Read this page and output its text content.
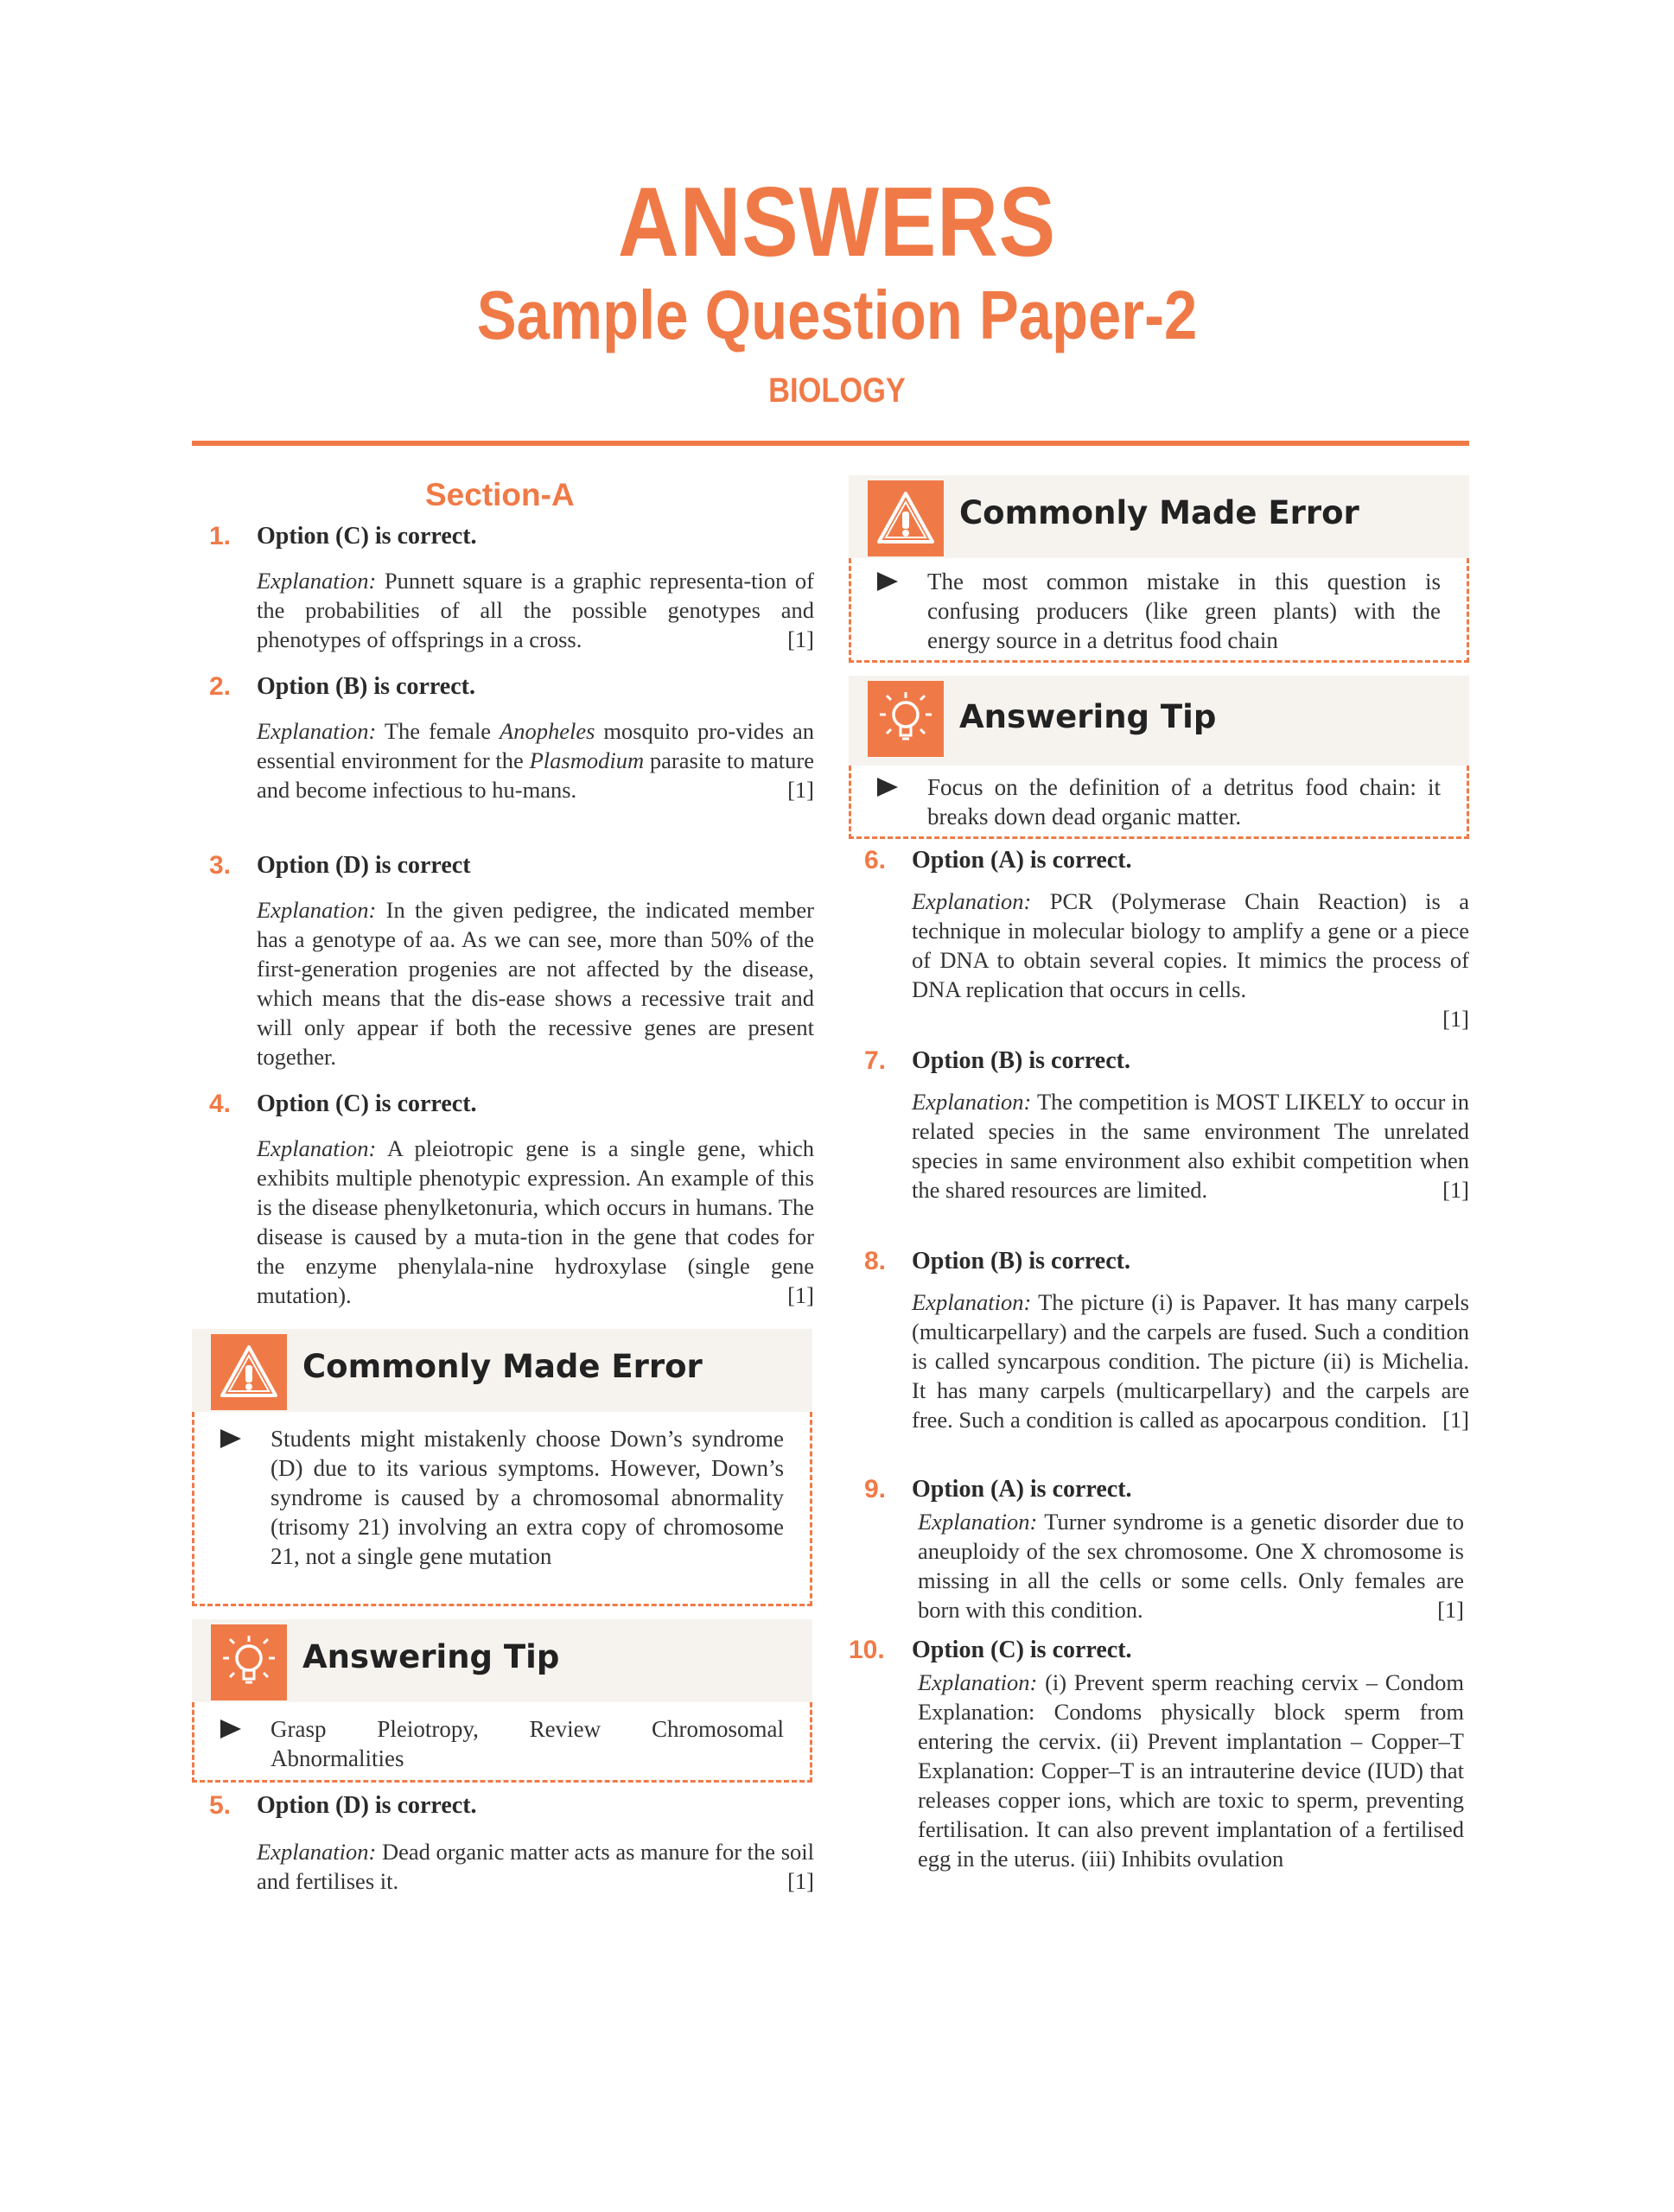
ANSWERS
Sample Question Paper-2
BIOLOGY
Section-A
1. Option (C) is correct.
Explanation: Punnett square is a graphic representa-tion of the probabilities of all the possible genotypes and phenotypes of offsprings in a cross.	[1]
2. Option (B) is correct.
Explanation: The female Anopheles mosquito pro-vides an essential environment for the Plasmodium parasite to mature and become infectious to hu-mans.	[1]
3. Option (D) is correct
Explanation: In the given pedigree, the indicated member has a genotype of aa. As we can see, more than 50% of the first-generation progenies are not affected by the disease, which means that the dis-ease shows a recessive trait and will only appear if both the recessive genes are present together.
4. Option (C) is correct.
Explanation: A pleiotropic gene is a single gene, which exhibits multiple phenotypic expression. An example of this is the disease phenylketonuria, which occurs in humans. The disease is caused by a muta-tion in the gene that codes for the enzyme phenylala-nine hydroxylase (single gene mutation).	[1]
Commonly Made Error
Students might mistakenly choose Down’s syndrome (D) due to its various symptoms. However, Down’s syndrome is caused by a chromosomal abnormality (trisomy 21) involving an extra copy of chromosome 21, not a single gene mutation
Answering Tip
Grasp Pleiotropy, Review Chromosomal Abnormalities
5. Option (D) is correct.
Explanation: Dead organic matter acts as manure for the soil and fertilises it.	[1]
Commonly Made Error
The most common mistake in this question is confusing producers (like green plants) with the energy source in a detritus food chain
Answering Tip
Focus on the definition of a detritus food chain: it breaks down dead organic matter.
6. Option (A) is correct.
Explanation: PCR (Polymerase Chain Reaction) is a technique in molecular biology to amplify a gene or a piece of DNA to obtain several copies. It mimics the process of DNA replication that occurs in cells.

[1]
7. Option (B) is correct.
Explanation: The competition is MOST LIKELY to occur in related species in the same environment The unrelated species in same environment also exhibit competition when the shared resources are limited.	[1]
8. Option (B) is correct.
Explanation: The picture (i) is Papaver. It has many carpels (multicarpellary) and the carpels are fused. Such a condition is called syncarpous condition. The picture (ii) is Michelia. It has many carpels (multicarpellary) and the carpels are free. Such a condition is called as apocarpous condition. [1]
9. Option (A) is correct.
Explanation: Turner syndrome is a genetic disorder due to aneuploidy of the sex chromosome. One X chromosome is missing in all the cells or some cells. Only females are born with this condition.	[1]
10. Option (C) is correct.
Explanation: (i) Prevent sperm reaching cervix – Condom Explanation: Condoms physically block sperm from entering the cervix. (ii) Prevent implantation – Copper–T Explanation: Copper–T is an intrauterine device (IUD) that releases copper ions, which are toxic to sperm, preventing fertilisation. It can also prevent implantation of a fertilised egg in the uterus. (iii) Inhibits ovulation
